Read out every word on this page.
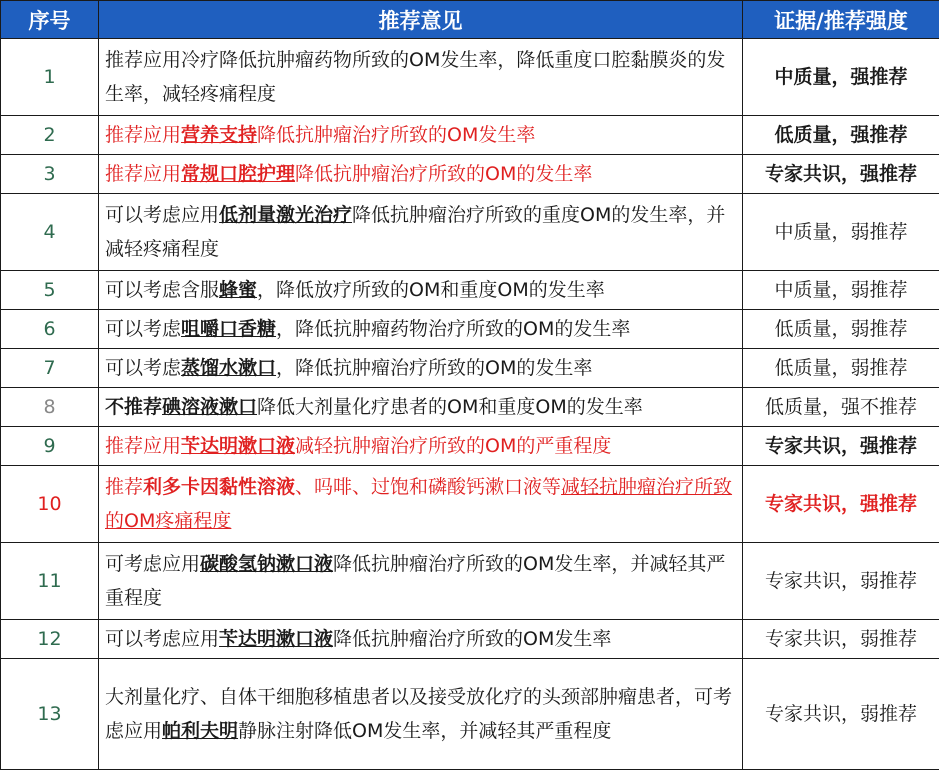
序号	推荐意见	证据/推荐强度
1	推荐应用冷疗降低抗肿瘤药物所致的OM发生率，降低重度口腔黏膜炎的发生率，减轻疼痛程度	中质量，强推荐
2	推荐应用营养支持降低抗肿瘤治疗所致的OM发生率	低质量，强推荐
3	推荐应用常规口腔护理降低抗肿瘤治疗所致的OM的发生率	专家共识，强推荐
4	可以考虑应用低剂量激光治疗降低抗肿瘤治疗所致的重度OM的发生率，并减轻疼痛程度	中质量，弱推荐
5	可以考虑含服蜂蜜，降低放疗所致的OM和重度OM的发生率	中质量，弱推荐
6	可以考虑咀嚼口香糖，降低抗肿瘤药物治疗所致的OM的发生率	低质量，弱推荐
7	可以考虑蒸馏水漱口，降低抗肿瘤治疗所致的OM的发生率	低质量，弱推荐
8	不推荐碘溶液漱口降低大剂量化疗患者的OM和重度OM的发生率	低质量，强不推荐
9	推荐应用苄达明漱口液减轻抗肿瘤治疗所致的OM的严重程度	专家共识，强推荐
10	推荐利多卡因黏性溶液、吗啡、过饱和磷酸钙漱口液等减轻抗肿瘤治疗所致的OM疼痛程度	专家共识，强推荐
11	可考虑应用碳酸氢钠漱口液降低抗肿瘤治疗所致的OM发生率，并减轻其严重程度	专家共识，弱推荐
12	可以考虑应用苄达明漱口液降低抗肿瘤治疗所致的OM发生率	专家共识，弱推荐
13	大剂量化疗、自体干细胞移植患者以及接受放化疗的头颈部肿瘤患者，可考虑应用帕利夫明静脉注射降低OM发生率，并减轻其严重程度	专家共识，弱推荐
